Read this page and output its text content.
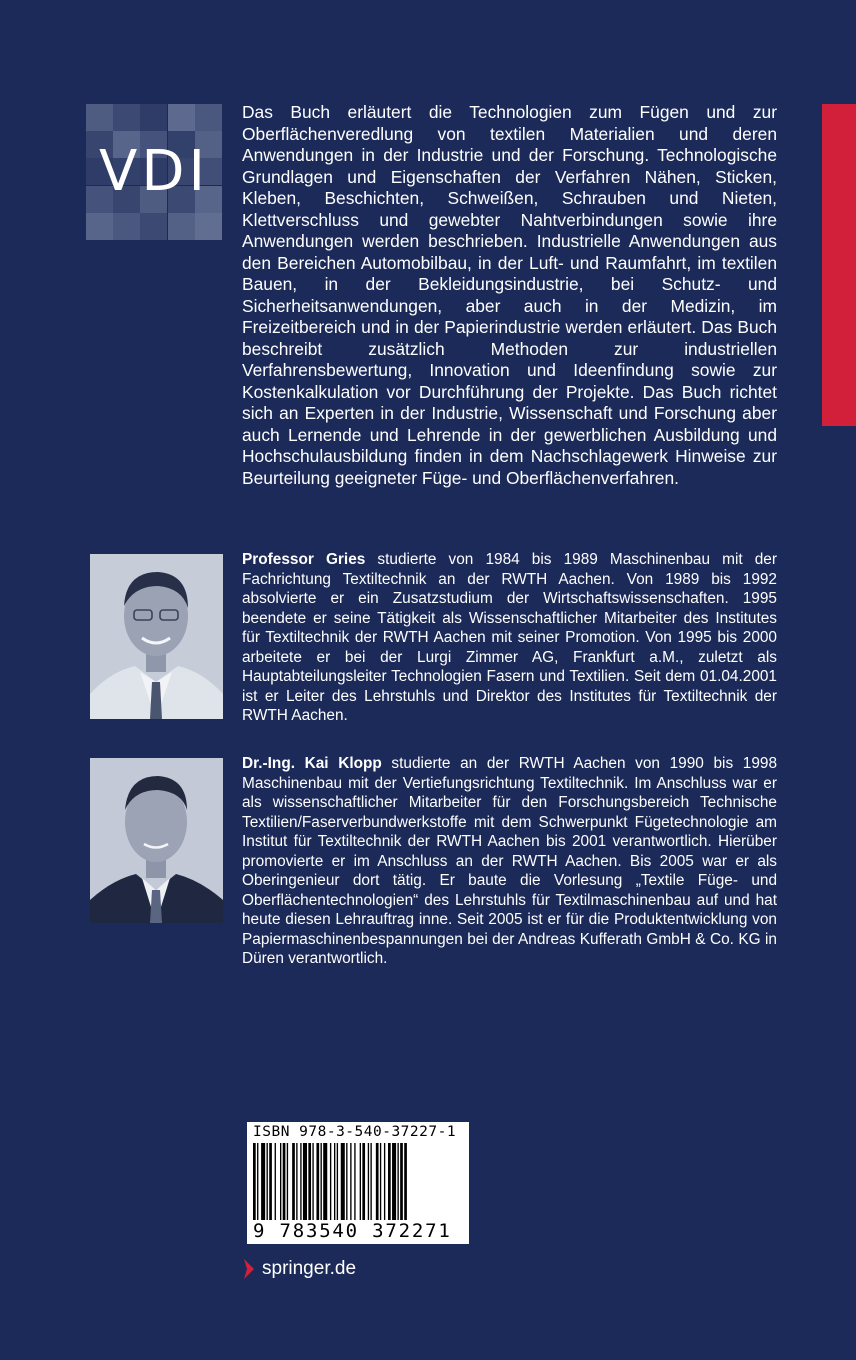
VDI
Das Buch erläutert die Technologien zum Fügen und zur Oberflächenveredlung von textilen Materialien und deren Anwendungen in der Industrie und der Forschung. Technologische Grundlagen und Eigenschaften der Verfahren Nähen, Sticken, Kleben, Beschichten, Schweißen, Schrauben und Nieten, Klettverschluss und gewebter Nahtverbindungen sowie ihre Anwendungen werden beschrieben. Industrielle Anwendungen aus den Bereichen Automobilbau, in der Luft- und Raumfahrt, im textilen Bauen, in der Bekleidungsindustrie, bei Schutz- und Sicherheitsanwendungen, aber auch in der Medizin, im Freizeitbereich und in der Papierindustrie werden erläutert. Das Buch beschreibt zusätzlich Methoden zur industriellen Verfahrensbewertung, Innovation und Ideenfindung sowie zur Kostenkalkulation vor Durchführung der Projekte. Das Buch richtet sich an Experten in der Industrie, Wissenschaft und Forschung aber auch Lernende und Lehrende in der gewerblichen Ausbildung und Hochschulausbildung finden in dem Nachschlagewerk Hinweise zur Beurteilung geeigneter Füge- und Oberflächenverfahren.
Professor Gries studierte von 1984 bis 1989 Maschinenbau mit der Fachrichtung Textiltechnik an der RWTH Aachen. Von 1989 bis 1992 absolvierte er ein Zusatzstudium der Wirtschaftswissenschaften. 1995 beendete er seine Tätigkeit als Wissenschaftlicher Mitarbeiter des Institutes für Textiltechnik der RWTH Aachen mit seiner Promotion. Von 1995 bis 2000 arbeitete er bei der Lurgi Zimmer AG, Frankfurt a.M., zuletzt als Hauptabteilungsleiter Technologien Fasern und Textilien. Seit dem 01.04.2001 ist er Leiter des Lehrstuhls und Direktor des Institutes für Textiltechnik der RWTH Aachen.
Dr.-Ing. Kai Klopp studierte an der RWTH Aachen von 1990 bis 1998 Maschinenbau mit der Vertiefungsrichtung Textiltechnik. Im Anschluss war er als wissenschaftlicher Mitarbeiter für den Forschungsbereich Technische Textilien/Faserverbundwerkstoffe mit dem Schwerpunkt Fügetechnologie am Institut für Textiltechnik der RWTH Aachen bis 2001 verantwortlich. Hierüber promovierte er im Anschluss an der RWTH Aachen. Bis 2005 war er als Oberingenieur dort tätig. Er baute die Vorlesung „Textile Füge- und Oberflächentechnologien“ des Lehrstuhls für Textilmaschinenbau auf und hat heute diesen Lehrauftrag inne. Seit 2005 ist er für die Produktentwicklung von Papiermaschinenbespannungen bei der Andreas Kufferath GmbH & Co. KG in Düren verantwortlich.
ISBN 978-3-540-37227-1
9 783540 372271
springer.de
